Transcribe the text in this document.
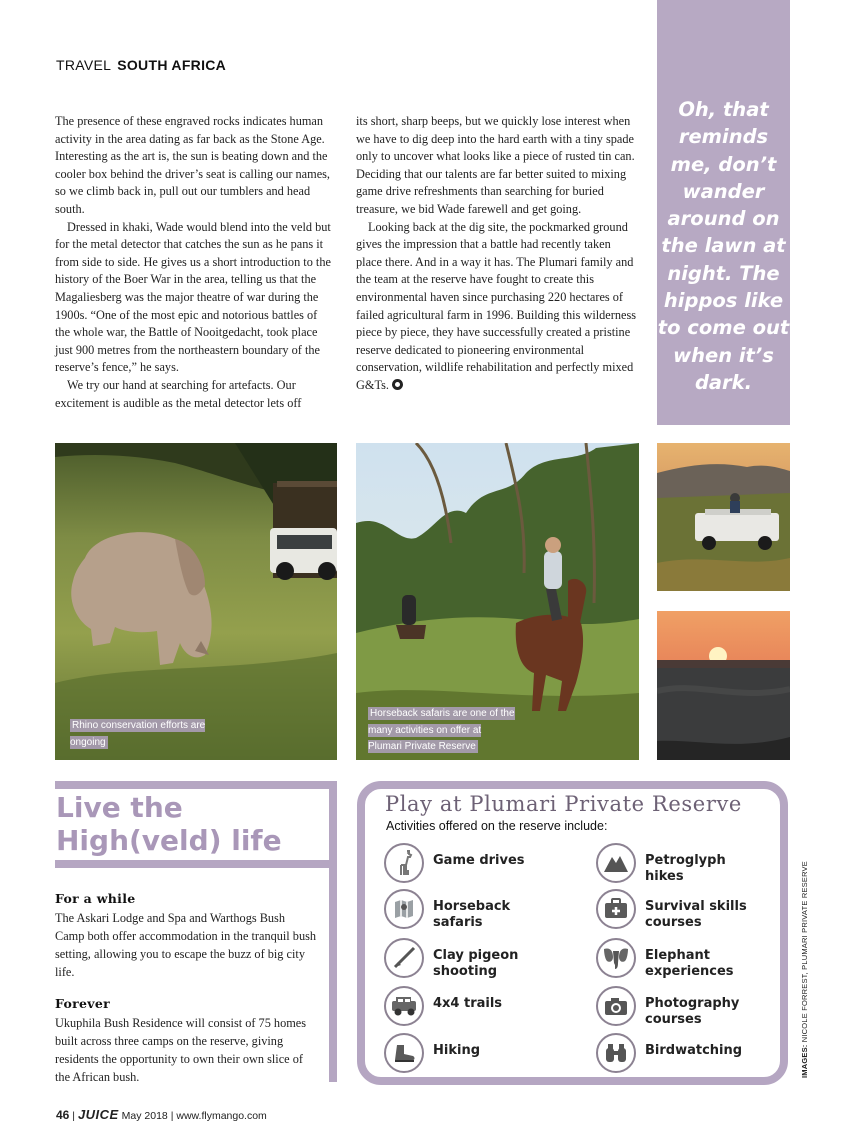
TRAVEL SOUTH AFRICA

The presence of these engraved rocks indicates human activity in the area dating as far back as the Stone Age. Interesting as the art is, the sun is beating down and the cooler box behind the driver’s seat is calling our names, so we climb back in, pull out our tumblers and head south.

Dressed in khaki, Wade would blend into the veld but for the metal detector that catches the sun as he pans it from side to side. He gives us a short introduction to the history of the Boer War in the area, telling us that the Magaliesberg was the major theatre of war during the 1900s. “One of the most epic and notorious battles of the whole war, the Battle of Nooitgedacht, took place just 900 metres from the northeastern boundary of the reserve’s fence,” he says.

We try our hand at searching for artefacts. Our excitement is audible as the metal detector lets off

its short, sharp beeps, but we quickly lose interest when we have to dig deep into the hard earth with a tiny spade only to uncover what looks like a piece of rusted tin can. Deciding that our talents are far better suited to mixing game drive refreshments than searching for buried treasure, we bid Wade farewell and get going.

Looking back at the dig site, the pockmarked ground gives the impression that a battle had recently taken place there. And in a way it has. The Plumari family and the team at the reserve have fought to create this environmental haven since purchasing 220 hectares of failed agricultural farm in 1996. Building this wilderness piece by piece, they have successfully created a pristine reserve dedicated to pioneering environmental conservation, wildlife rehabilitation and perfectly mixed G&Ts.

Oh, that reminds me, don’t wander around on the lawn at night. The hippos like to come out when it’s dark.
Rhino conservation efforts are ongoing
Horseback safaris are one of the many activities on offer at Plumari Private Reserve
Live the High(veld) life
For a while

The Askari Lodge and Spa and Warthogs Bush Camp both offer accommodation in the tranquil bush setting, allowing you to escape the buzz of big city life.

Forever

Ukuphila Bush Residence will consist of 75 homes built across three camps on the reserve, giving residents the opportunity to own their own slice of the African bush.

Play at Plumari Private Reserve
Activities offered on the reserve include:
Game drives
Horseback safaris
Clay pigeon shooting
4x4 trails
Hiking
Petroglyph hikes
Survival skills courses
Elephant experiences
Photography courses
Birdwatching	IMAGES: NICOLE FORREST, PLUMARI PRIVATE RESERVE
46 | JUICE May 2018 | www.flymango.com
